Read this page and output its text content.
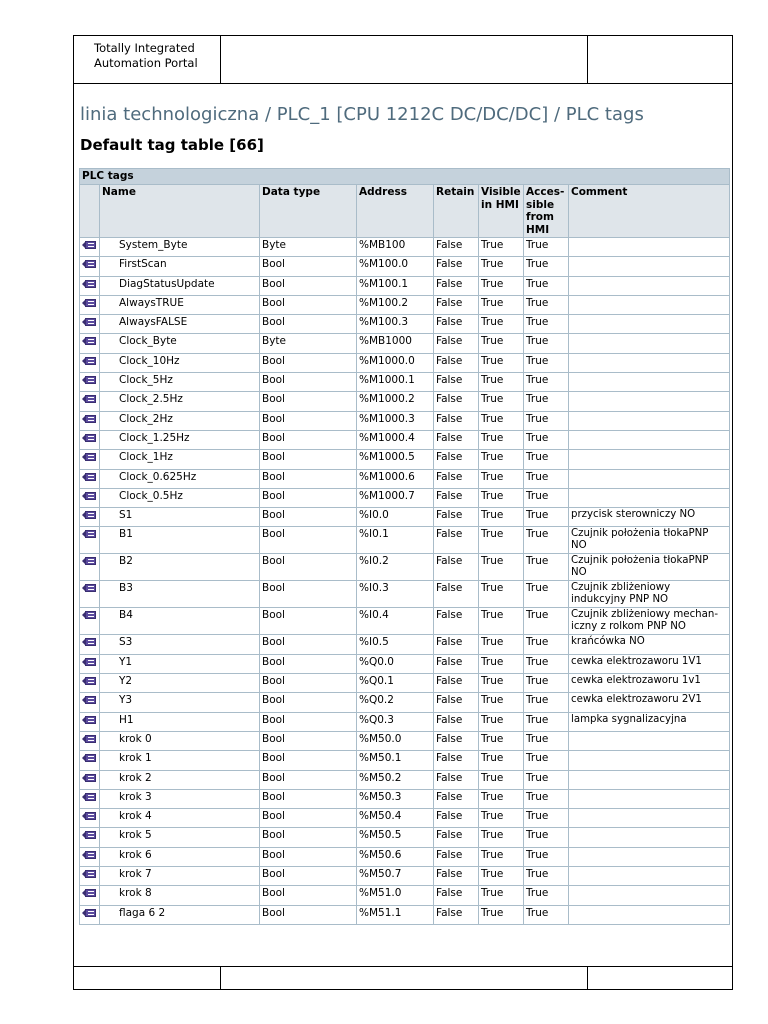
Totally Integrated Automation Portal
linia technologiczna / PLC_1 [CPU 1212C DC/DC/DC] / PLC tags
Default tag table [66]
PLC tags							
	Name	Data type	Address	Retain	Visible in HMI	Acces- sible from HMI	Comment

	System_Byte	Byte	%MB100	False	True	True	

	FirstScan	Bool	%M100.0	False	True	True	

	DiagStatusUpdate	Bool	%M100.1	False	True	True	

	AlwaysTRUE	Bool	%M100.2	False	True	True	

	AlwaysFALSE	Bool	%M100.3	False	True	True	

	Clock_Byte	Byte	%MB1000	False	True	True	

	Clock_10Hz	Bool	%M1000.0	False	True	True	

	Clock_5Hz	Bool	%M1000.1	False	True	True	

	Clock_2.5Hz	Bool	%M1000.2	False	True	True	

	Clock_2Hz	Bool	%M1000.3	False	True	True	

	Clock_1.25Hz	Bool	%M1000.4	False	True	True	

	Clock_1Hz	Bool	%M1000.5	False	True	True	

	Clock_0.625Hz	Bool	%M1000.6	False	True	True	

	Clock_0.5Hz	Bool	%M1000.7	False	True	True	

	S1	Bool	%I0.0	False	True	True	przycisk sterowniczy NO

	B1	Bool	%I0.1	False	True	True	Czujnik położenia tłokaPNP NO

	B2	Bool	%I0.2	False	True	True	Czujnik położenia tłokaPNP NO

	B3	Bool	%I0.3	False	True	True	Czujnik zbliżeniowy indukcyjny PNP NO

	B4	Bool	%I0.4	False	True	True	Czujnik zbliżeniowy mechan- iczny z rolkom PNP NO

	S3	Bool	%I0.5	False	True	True	krańcówka NO

	Y1	Bool	%Q0.0	False	True	True	cewka elektrozaworu 1V1

	Y2	Bool	%Q0.1	False	True	True	cewka elektrozaworu 1v1

	Y3	Bool	%Q0.2	False	True	True	cewka elektrozaworu 2V1

	H1	Bool	%Q0.3	False	True	True	lampka sygnalizacyjna

	krok 0	Bool	%M50.0	False	True	True	

	krok 1	Bool	%M50.1	False	True	True	

	krok 2	Bool	%M50.2	False	True	True	

	krok 3	Bool	%M50.3	False	True	True	

	krok 4	Bool	%M50.4	False	True	True	

	krok 5	Bool	%M50.5	False	True	True	

	krok 6	Bool	%M50.6	False	True	True	

	krok 7	Bool	%M50.7	False	True	True	

	krok 8	Bool	%M51.0	False	True	True	

	flaga 6 2	Bool	%M51.1	False	True	True	
